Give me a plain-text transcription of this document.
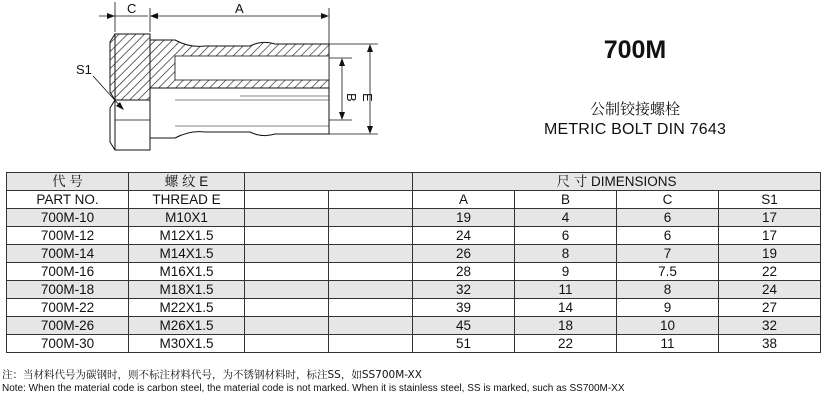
A
C
B E
S1
700M
公制铰接螺栓
METRIC BOLT DIN 7643
代 号	螺 纹 E			尺 寸 DIMENSIONS			
PART NO.	THREAD E			A	B	C	S1
700M-10	M10X1			19	4	6	17
700M-12	M12X1.5			24	6	6	17
700M-14	M14X1.5			26	8	7	19
700M-16	M16X1.5			28	9	7.5	22
700M-18	M18X1.5			32	11	8	24
700M-22	M22X1.5			39	14	9	27
700M-26	M26X1.5			45	18	10	32
700M-30	M30X1.5			51	22	11	38
注：当材料代号为碳钢时，则不标注材料代号，为不锈钢材料时，标注SS，如SS700M-XX
Note: When the material code is carbon steel, the material code is not marked. When it is stainless steel, SS is marked, such as SS700M-XX
